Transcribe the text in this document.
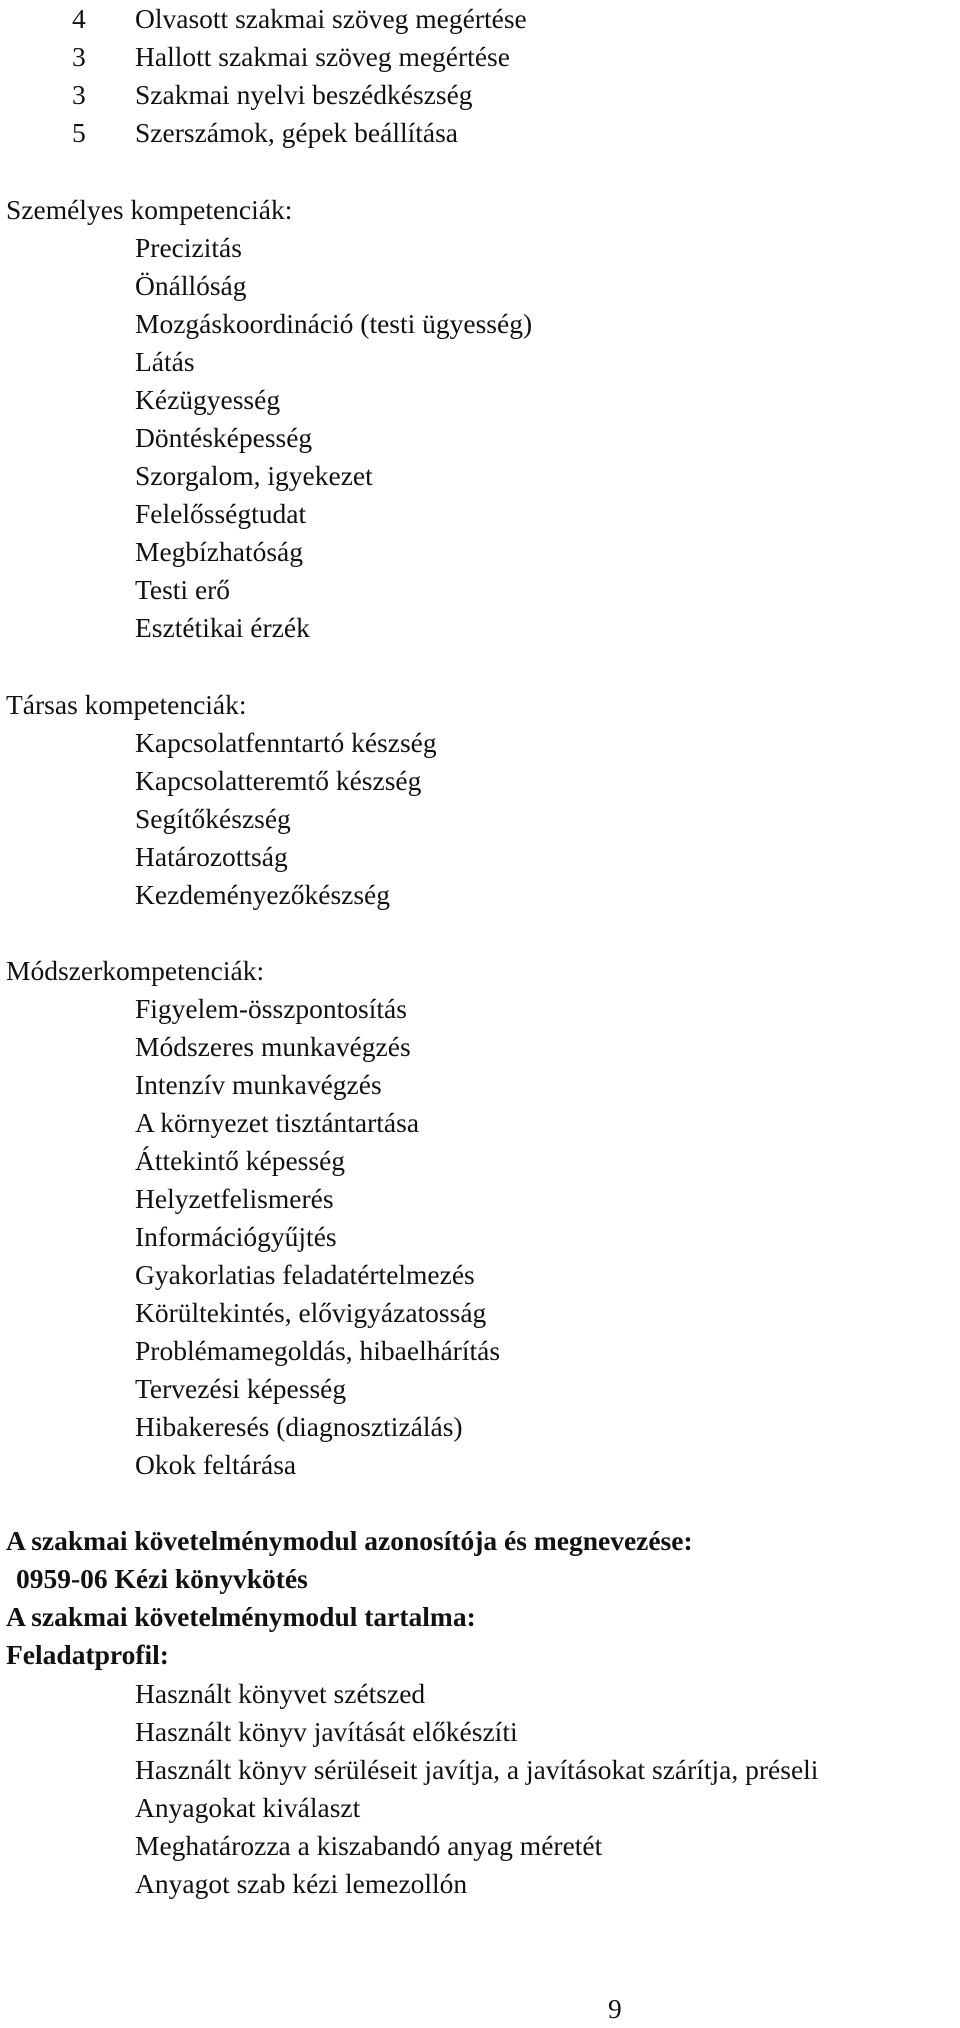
4 Olvasott szakmai szöveg megértése
3 Hallott szakmai szöveg megértése
3 Szakmai nyelvi beszédkészség
5 Szerszámok, gépek beállítása
Személyes kompetenciák:
Precizitás
Önállóság
Mozgáskoordináció (testi ügyesség)
Látás
Kézügyesség
Döntésképesség
Szorgalom, igyekezet
Felelősségtudat
Megbízhatóság
Testi erő
Esztétikai érzék
Társas kompetenciák:
Kapcsolatfenntartó készség
Kapcsolatteremtő készség
Segítőkészség
Határozottság
Kezdeményezőkészség
Módszerkompetenciák:
Figyelem-összpontosítás
Módszeres munkavégzés
Intenzív munkavégzés
A környezet tisztántartása
Áttekintő képesség
Helyzetfelismerés
Információgyűjtés
Gyakorlatias feladatértelmezés
Körültekintés, elővigyázatosság
Problémamegoldás, hibaelhárítás
Tervezési képesség
Hibakeresés (diagnosztizálás)
Okok feltárása
A szakmai követelménymodul azonosítója és megnevezése:
0959-06 Kézi könyvkötés
A szakmai követelménymodul tartalma:
Feladatprofil:
Használt könyvet szétszed
Használt könyv javítását előkészíti
Használt könyv sérüléseit javítja, a javításokat szárítja, préseli
Anyagokat kiválaszt
Meghatározza a kiszabandó anyag méretét
Anyagot szab kézi lemezollón
9
